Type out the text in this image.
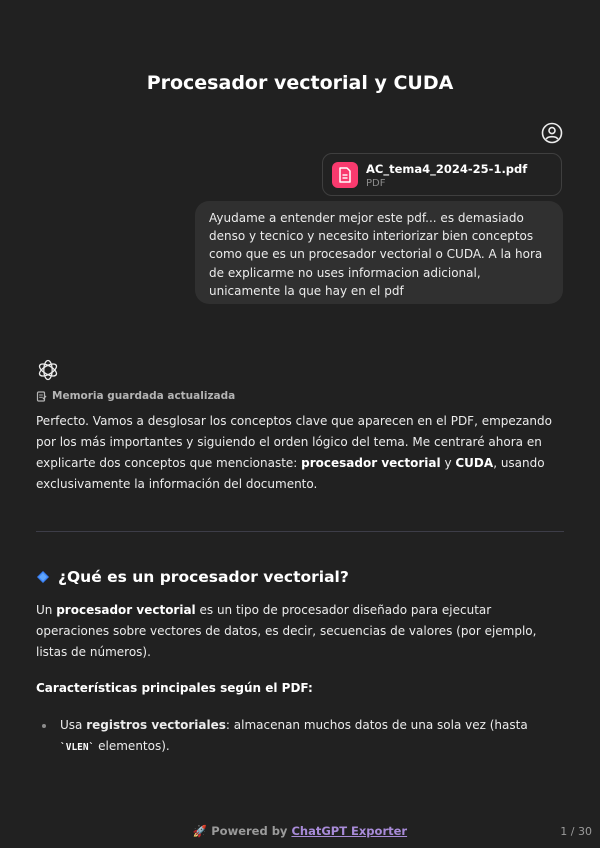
Procesador vectorial y CUDA
AC_tema4_2024-25-1.pdf
PDF
Ayudame a entender mejor este pdf... es demasiado
denso y tecnico y necesito interiorizar bien conceptos
como que es un procesador vectorial o CUDA. A la hora
de explicarme no uses informacion adicional,
unicamente la que hay en el pdf
Memoria guardada actualizada

Perfecto. Vamos a desglosar los conceptos clave que aparecen en el PDF, empezando por los más importantes y siguiendo el orden lógico del tema. Me centraré ahora en explicarte dos conceptos que mencionaste: procesador vectorial y CUDA, usando exclusivamente la información del documento.

¿Qué es un procesador vectorial?

Un procesador vectorial es un tipo de procesador diseñado para ejecutar operaciones sobre vectores de datos, es decir, secuencias de valores (por ejemplo, listas de números).

Características principales según el PDF:

Usa registros vectoriales: almacenan muchos datos de una sola vez (hasta `VLEN` elementos).

🚀 Powered by ChatGPT Exporter	1 / 30
